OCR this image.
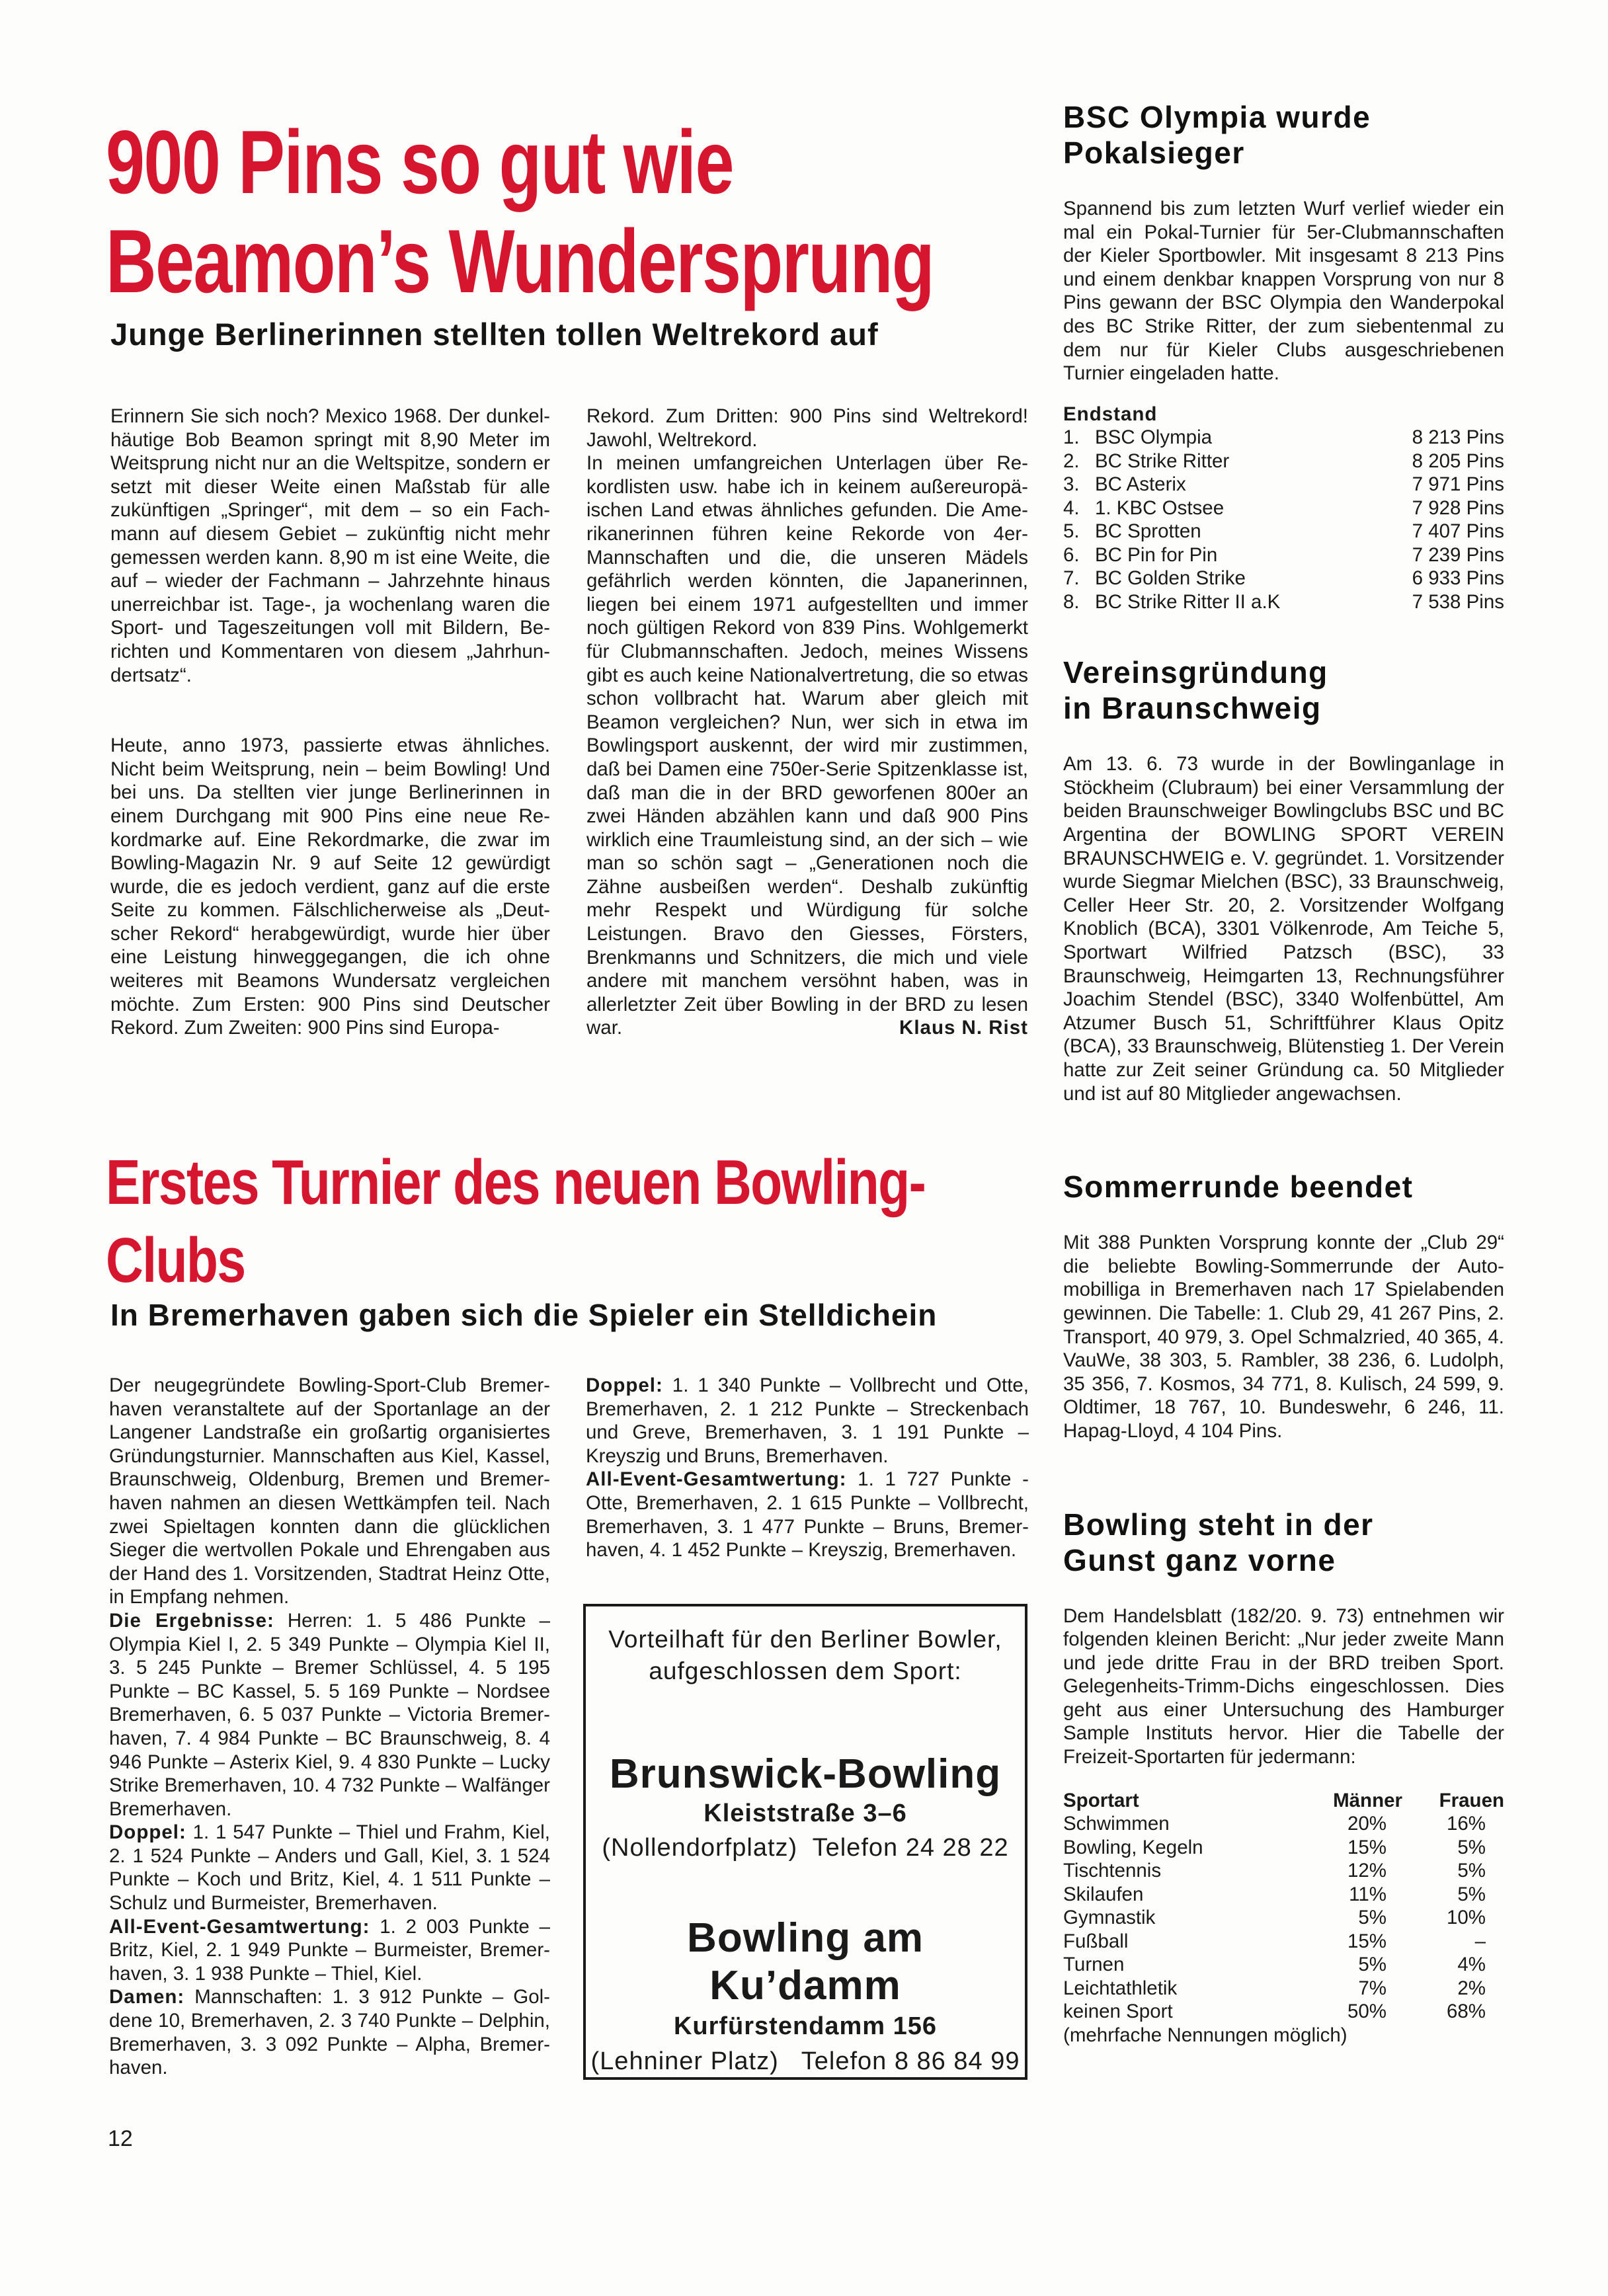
900 Pins so gut wie
Beamon’s Wundersprung
Junge Berlinerinnen stellten tollen Weltrekord auf

Erinnern Sie sich noch? Mexico 1968. Der dunkelhäutige Bob Beamon springt mit 8,90 Meter im Weitsprung nicht nur an die Weltspitze, sondern er setzt mit dieser Weite einen Maßstab für alle zukünftigen „Springer“, mit dem – so ein Fachmann auf diesem Gebiet – zukünftig nicht mehr gemessen werden kann. 8,90 m ist eine Weite, die auf – wieder der Fachmann – Jahrzehnte hinaus unerreichbar ist. Tage-, ja wochenlang waren die Sport- und Tageszeitungen voll mit Bildern, Berichten und Kommentaren von diesem „Jahrhundertsatz“.

Heute, anno 1973, passierte etwas ähnliches. Nicht beim Weitsprung, nein – beim Bowling! Und bei uns. Da stellten vier junge Berlinerinnen in einem Durchgang mit 900 Pins eine neue Rekordmarke auf. Eine Rekordmarke, die zwar im Bowling-Magazin Nr. 9 auf Seite 12 gewürdigt wurde, die es jedoch verdient, ganz auf die erste Seite zu kommen. Fälschlicherweise als „Deutscher Rekord“ herabgewürdigt, wurde hier über eine Leistung hinweggegangen, die ich ohne weiteres mit Beamons Wundersatz vergleichen möchte. Zum Ersten: 900 Pins sind Deutscher Rekord. Zum Zweiten: 900 Pins sind Europa-

Rekord. Zum Dritten: 900 Pins sind Weltrekord! Jawohl, Weltrekord.

In meinen umfangreichen Unterlagen über Rekordlisten usw. habe ich in keinem außereuropäischen Land etwas ähnliches gefunden. Die Amerikanerinnen führen keine Rekorde von 4er-Mannschaften und die, die unseren Mädels gefährlich werden könnten, die Japanerinnen, liegen bei einem 1971 aufgestellten und immer noch gültigen Rekord von 839 Pins. Wohlgemerkt für Clubmannschaften. Jedoch, meines Wissens gibt es auch keine Nationalvertretung, die so etwas schon vollbracht hat. Warum aber gleich mit Beamon vergleichen? Nun, wer sich in etwa im Bowlingsport auskennt, der wird mir zustimmen, daß bei Damen eine 750er-Serie Spitzenklasse ist, daß man die in der BRD geworfenen 800er an zwei Händen abzählen kann und daß 900 Pins wirklich eine Traumleistung sind, an der sich – wie man so schön sagt – „Generationen noch die Zähne ausbeißen werden“. Deshalb zukünftig mehr Respekt und Würdigung für solche Leistungen. Bravo den Giesses, Försters, Brenkmanns und Schnitzers, die mich und viele andere mit manchem versöhnt haben, was in allerletzter Zeit über Bowling in der BRD zu lesen war.	Klaus N. Rist

Erstes Turnier des neuen Bowling-
Clubs
In Bremerhaven gaben sich die Spieler ein Stelldichein

Der neugegründete Bowling-Sport-Club Bremerhaven veranstaltete auf der Sportanlage an der Langener Landstraße ein großartig organisiertes Gründungsturnier. Mannschaften aus Kiel, Kassel, Braunschweig, Oldenburg, Bremen und Bremerhaven nahmen an diesen Wettkämpfen teil. Nach zwei Spieltagen konnten dann die glücklichen Sieger die wertvollen Pokale und Ehrengaben aus der Hand des 1. Vorsitzenden, Stadtrat Heinz Otte, in Empfang nehmen.

Die Ergebnisse: Herren: 1. 5 486 Punkte – Olympia Kiel I, 2. 5 349 Punkte – Olympia Kiel II, 3. 5 245 Punkte – Bremer Schlüssel, 4. 5 195 Punkte – BC Kassel, 5. 5 169 Punkte – Nordsee Bremerhaven, 6. 5 037 Punkte – Victoria Bremerhaven, 7. 4 984 Punkte – BC Braunschweig, 8. 4 946 Punkte – Asterix Kiel, 9. 4 830 Punkte – Lucky Strike Bremerhaven, 10. 4 732 Punkte – Walfänger Bremerhaven.

Doppel: 1. 1 547 Punkte – Thiel und Frahm, Kiel, 2. 1 524 Punkte – Anders und Gall, Kiel, 3. 1 524 Punkte – Koch und Britz, Kiel, 4. 1 511 Punkte – Schulz und Burmeister, Bremerhaven.

All-Event-Gesamtwertung: 1. 2 003 Punkte – Britz, Kiel, 2. 1 949 Punkte – Burmeister, Bremerhaven, 3. 1 938 Punkte – Thiel, Kiel.

Damen: Mannschaften: 1. 3 912 Punkte – Goldene 10, Bremerhaven, 2. 3 740 Punkte – Delphin, Bremerhaven, 3. 3 092 Punkte – Alpha, Bremerhaven.

Doppel: 1. 1 340 Punkte – Vollbrecht und Otte, Bremerhaven, 2. 1 212 Punkte – Streckenbach und Greve, Bremerhaven, 3. 1 191 Punkte – Kreyszig und Bruns, Bremerhaven.

All-Event-Gesamtwertung: 1. 1 727 Punkte - Otte, Bremerhaven, 2. 1 615 Punkte – Vollbrecht, Bremerhaven, 3. 1 477 Punkte – Bruns, Bremerhaven, 4. 1 452 Punkte – Kreyszig, Bremerhaven.

Vorteilhaft für den Berliner Bowler,
aufgeschlossen dem Sport:
Brunswick-Bowling
Kleiststraße 3–6
(Nollendorfplatz) Telefon 24 28 22
Bowling am Ku’damm
Kurfürstendamm 156
(Lehniner Platz) Telefon 8 86 84 99
BSC Olympia wurde Pokalsieger
Spannend bis zum letzten Wurf verlief wieder ein mal ein Pokal-Turnier für 5er-Clubmannschaften der Kieler Sportbowler. Mit insgesamt 8 213 Pins und einem denkbar knappen Vorsprung von nur 8 Pins gewann der BSC Olympia den Wanderpokal des BC Strike Ritter, der zum siebentenmal zu dem nur für Kieler Clubs ausgeschriebenen Turnier eingeladen hatte.
Endstand
1. BSC Olympia	8 213 Pins
2. BC Strike Ritter	8 205 Pins
3. BC Asterix	7 971 Pins
4. 1. KBC Ostsee	7 928 Pins
5. BC Sprotten	7 407 Pins
6. BC Pin for Pin	7 239 Pins
7. BC Golden Strike	6 933 Pins
8. BC Strike Ritter II a.K	7 538 Pins
Vereinsgründung
in Braunschweig
Am 13. 6. 73 wurde in der Bowlinganlage in Stöckheim (Clubraum) bei einer Versammlung der beiden Braunschweiger Bowlingclubs BSC und BC Argentina der BOWLING SPORT VEREIN BRAUNSCHWEIG e. V. gegründet. 1. Vorsitzender wurde Siegmar Mielchen (BSC), 33 Braunschweig, Celler Heer Str. 20, 2. Vorsitzender Wolfgang Knoblich (BCA), 3301 Völkenrode, Am Teiche 5, Sportwart Wilfried Patzsch (BSC), 33 Braunschweig, Heimgarten 13, Rechnungsführer Joachim Stendel (BSC), 3340 Wolfenbüttel, Am Atzumer Busch 51, Schriftführer Klaus Opitz (BCA), 33 Braunschweig, Blütenstieg 1. Der Verein hatte zur Zeit seiner Gründung ca. 50 Mitglieder und ist auf 80 Mitglieder angewachsen.
Sommerrunde beendet
Mit 388 Punkten Vorsprung konnte der „Club 29“ die beliebte Bowling-Sommerrunde der Automobilliga in Bremerhaven nach 17 Spielabenden gewinnen. Die Tabelle: 1. Club 29, 41 267 Pins, 2. Transport, 40 979, 3. Opel Schmalzried, 40 365, 4. VauWe, 38 303, 5. Rambler, 38 236, 6. Ludolph, 35 356, 7. Kosmos, 34 771, 8. Kulisch, 24 599, 9. Oldtimer, 18 767, 10. Bundeswehr, 6 246, 11. Hapag-Lloyd, 4 104 Pins.
Bowling steht in der
Gunst ganz vorne
Dem Handelsblatt (182/20. 9. 73) entnehmen wir folgenden kleinen Bericht: „Nur jeder zweite Mann und jede dritte Frau in der BRD treiben Sport. Gelegenheits-Trimm-Dichs eingeschlossen. Dies geht aus einer Untersuchung des Hamburger Sample Instituts hervor. Hier die Tabelle der Freizeit-Sportarten für jedermann:
Sportart	Männer	Frauen
Schwimmen	20%	16%
Bowling, Kegeln	15%	5%
Tischtennis	12%	5%
Skilaufen	11%	5%
Gymnastik	5%	10%
Fußball	15%	–
Turnen	5%	4%
Leichtathletik	7%	2%
keinen Sport	50%	68%
(mehrfache Nennungen möglich)
12
